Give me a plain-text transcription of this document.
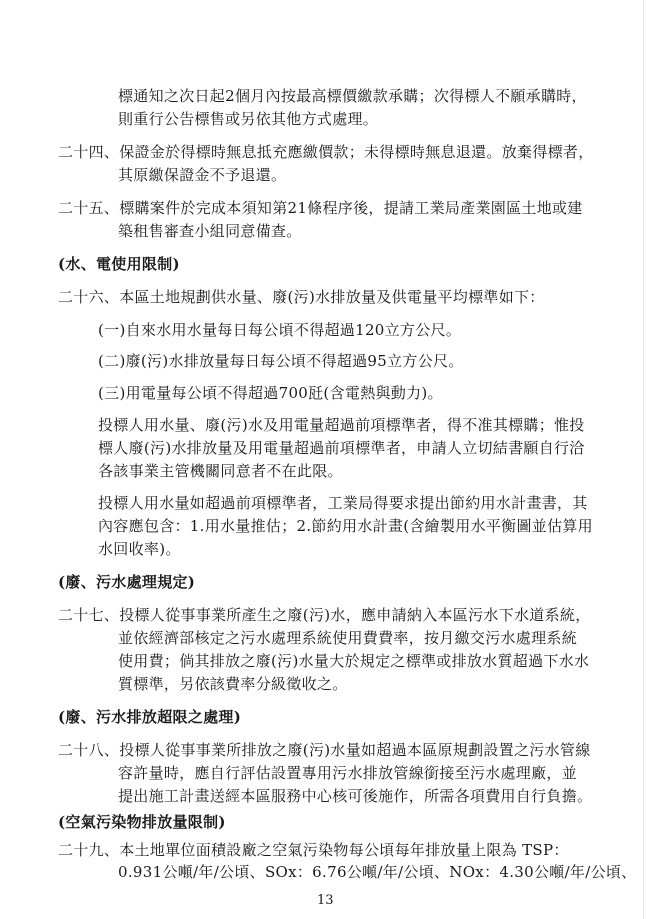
標通知之次日起2個月內按最高標價繳款承購；次得標人不願承購時，
則重行公告標售或另依其他方式處理。
二十四、保證金於得標時無息抵充應繳價款；未得標時無息退還。放棄得標者，
其原繳保證金不予退還。
二十五、標購案件於完成本須知第21條程序後，提請工業局產業園區土地或建
築租售審查小組同意備查。
(水、電使用限制)
二十六、本區土地規劃供水量、廢(污)水排放量及供電量平均標準如下：
(一)自來水用水量每日每公頃不得超過120立方公尺。
(二)廢(污)水排放量每日每公頃不得超過95立方公尺。
(三)用電量每公頃不得超過700瓩(含電熱與動力)。
投標人用水量、廢(污)水及用電量超過前項標準者，得不准其標購；惟投
標人廢(污)水排放量及用電量超過前項標準者，申請人立切結書願自行洽
各該事業主管機關同意者不在此限。
投標人用水量如超過前項標準者，工業局得要求提出節約用水計畫書，其
內容應包含：1.用水量推估；2.節約用水計畫(含繪製用水平衡圖並估算用
水回收率)。
(廢、污水處理規定)
二十七、投標人從事事業所產生之廢(污)水，應申請納入本區污水下水道系統，
並依經濟部核定之污水處理系統使用費費率，按月繳交污水處理系統
使用費；倘其排放之廢(污)水量大於規定之標準或排放水質超過下水水
質標準，另依該費率分級徵收之。
(廢、污水排放超限之處理)
二十八、投標人從事事業所排放之廢(污)水量如超過本區原規劃設置之污水管線
容許量時，應自行評估設置專用污水排放管線銜接至污水處理廠，並
提出施工計畫送經本區服務中心核可後施作，所需各項費用自行負擔。
(空氣污染物排放量限制)
二十九、本土地單位面積設廠之空氣污染物每公頃每年排放量上限為 TSP：
0.931公噸/年/公頃、SOx：6.76公噸/年/公頃、NOx：4.30公噸/年/公頃、
13
